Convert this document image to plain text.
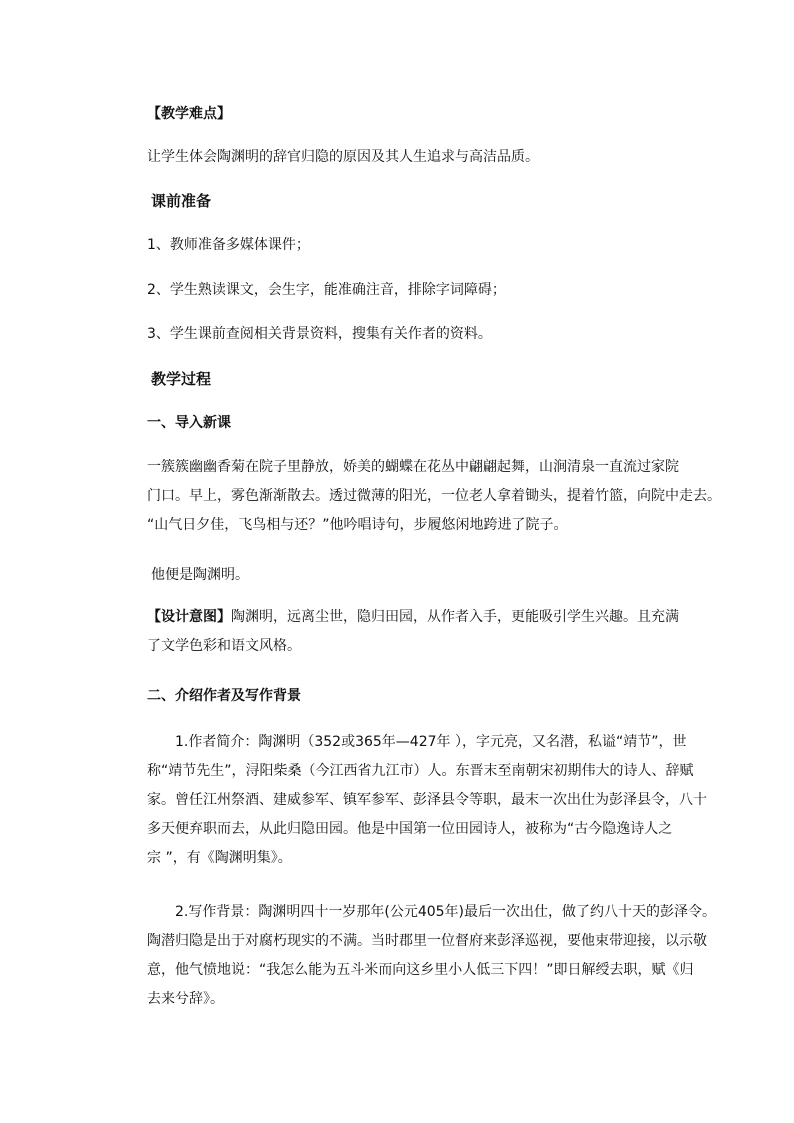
【教学难点】
让学生体会陶渊明的辞官归隐的原因及其人生追求与高洁品质。
课前准备
1、教师准备多媒体课件；
2、学生熟读课文，会生字，能准确注音，排除字词障碍；
3、学生课前查阅相关背景资料，搜集有关作者的资料。
教学过程
一、导入新课
一簇簇幽幽香菊在院子里静放，娇美的蝴蝶在花丛中翩翩起舞，山涧清泉一直流过家院
门口。早上，雾色渐渐散去。透过微薄的阳光，一位老人拿着锄头，提着竹篮，向院中走去。
“山气日夕佳，飞鸟相与还？”他吟唱诗句，步履悠闲地跨进了院子。
他便是陶渊明。
【设计意图】陶渊明，远离尘世，隐归田园，从作者入手，更能吸引学生兴趣。且充满
了文学色彩和语文风格。
二、介绍作者及写作背景
1.作者简介：陶渊明（352或365年—427年 ），字元亮，又名潜，私谥“靖节”，世
称“靖节先生”，浔阳柴桑（今江西省九江市）人。东晋末至南朝宋初期伟大的诗人、辞赋
家。曾任江州祭酒、建威参军、镇军参军、彭泽县令等职，最末一次出仕为彭泽县令，八十
多天便弃职而去，从此归隐田园。他是中国第一位田园诗人，被称为“古今隐逸诗人之
宗 ”，有《陶渊明集》。
2.写作背景：陶渊明四十一岁那年(公元405年)最后一次出仕，做了约八十天的彭泽令。
陶潜归隐是出于对腐朽现实的不满。当时郡里一位督府来彭泽巡视，要他束带迎接，以示敬
意，他气愤地说：“我怎么能为五斗米而向这乡里小人低三下四！”即日解绶去职，赋《归
去来兮辞》。
